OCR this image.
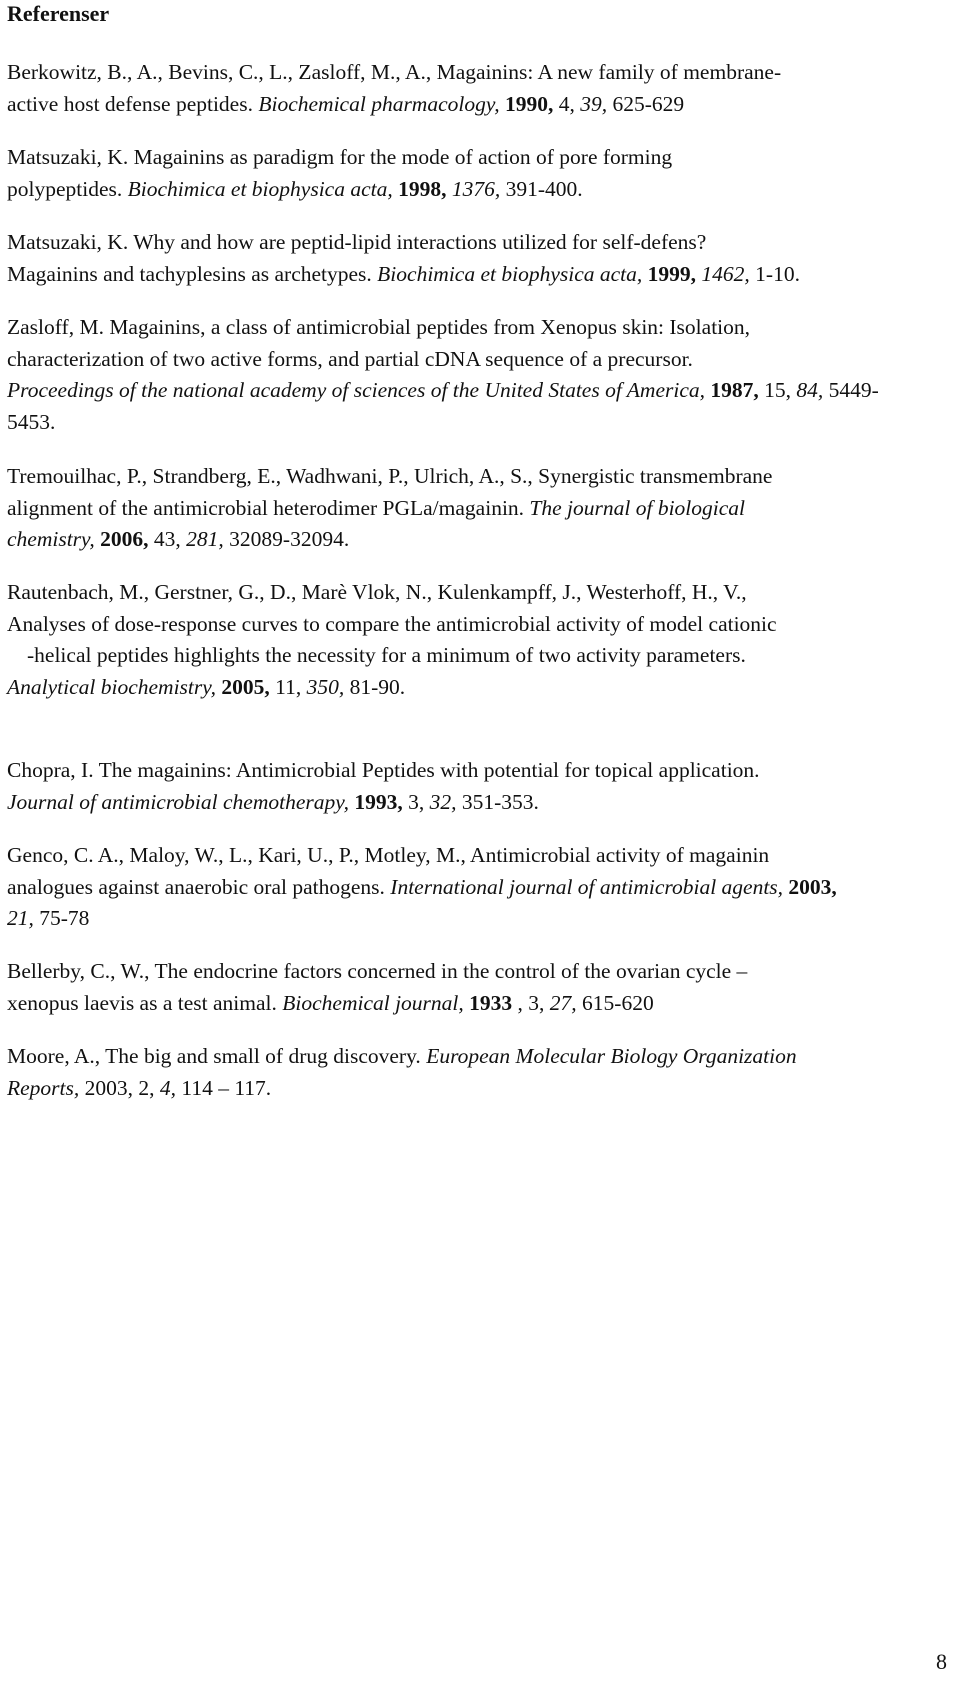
Referenser
Berkowitz, B., A., Bevins, C., L., Zasloff, M., A., Magainins: A new family of membrane-
active host defense peptides. Biochemical pharmacology, 1990, 4, 39, 625-629
Matsuzaki, K. Magainins as paradigm for the mode of action of pore forming
polypeptides. Biochimica et biophysica acta, 1998, 1376, 391-400.
Matsuzaki, K. Why and how are peptid-lipid interactions utilized for self-defens?
Magainins and tachyplesins as archetypes. Biochimica et biophysica acta, 1999, 1462, 1-10.
Zasloff, M. Magainins, a class of antimicrobial peptides from Xenopus skin: Isolation,
characterization of two active forms, and partial cDNA sequence of a precursor.
Proceedings of the national academy of sciences of the United States of America, 1987, 15, 84, 5449-
5453.
Tremouilhac, P., Strandberg, E., Wadhwani, P., Ulrich, A., S., Synergistic transmembrane
alignment of the antimicrobial heterodimer PGLa/magainin. The journal of biological
chemistry, 2006, 43, 281, 32089-32094.
Rautenbach, M., Gerstner, G., D., Marè Vlok, N., Kulenkampff, J., Westerhoff, H., V.,
Analyses of dose-response curves to compare the antimicrobial activity of model cationic
-helical peptides highlights the necessity for a minimum of two activity parameters.
Analytical biochemistry, 2005, 11, 350, 81-90.
Chopra, I. The magainins: Antimicrobial Peptides with potential for topical application.
Journal of antimicrobial chemotherapy, 1993, 3, 32, 351-353.
Genco, C. A., Maloy, W., L., Kari, U., P., Motley, M., Antimicrobial activity of magainin
analogues against anaerobic oral pathogens. International journal of antimicrobial agents, 2003,
21, 75-78
Bellerby, C., W., The endocrine factors concerned in the control of the ovarian cycle –
xenopus laevis as a test animal. Biochemical journal, 1933 , 3, 27, 615-620
Moore, A., The big and small of drug discovery. European Molecular Biology Organization
Reports, 2003, 2, 4, 114 – 117.
8
